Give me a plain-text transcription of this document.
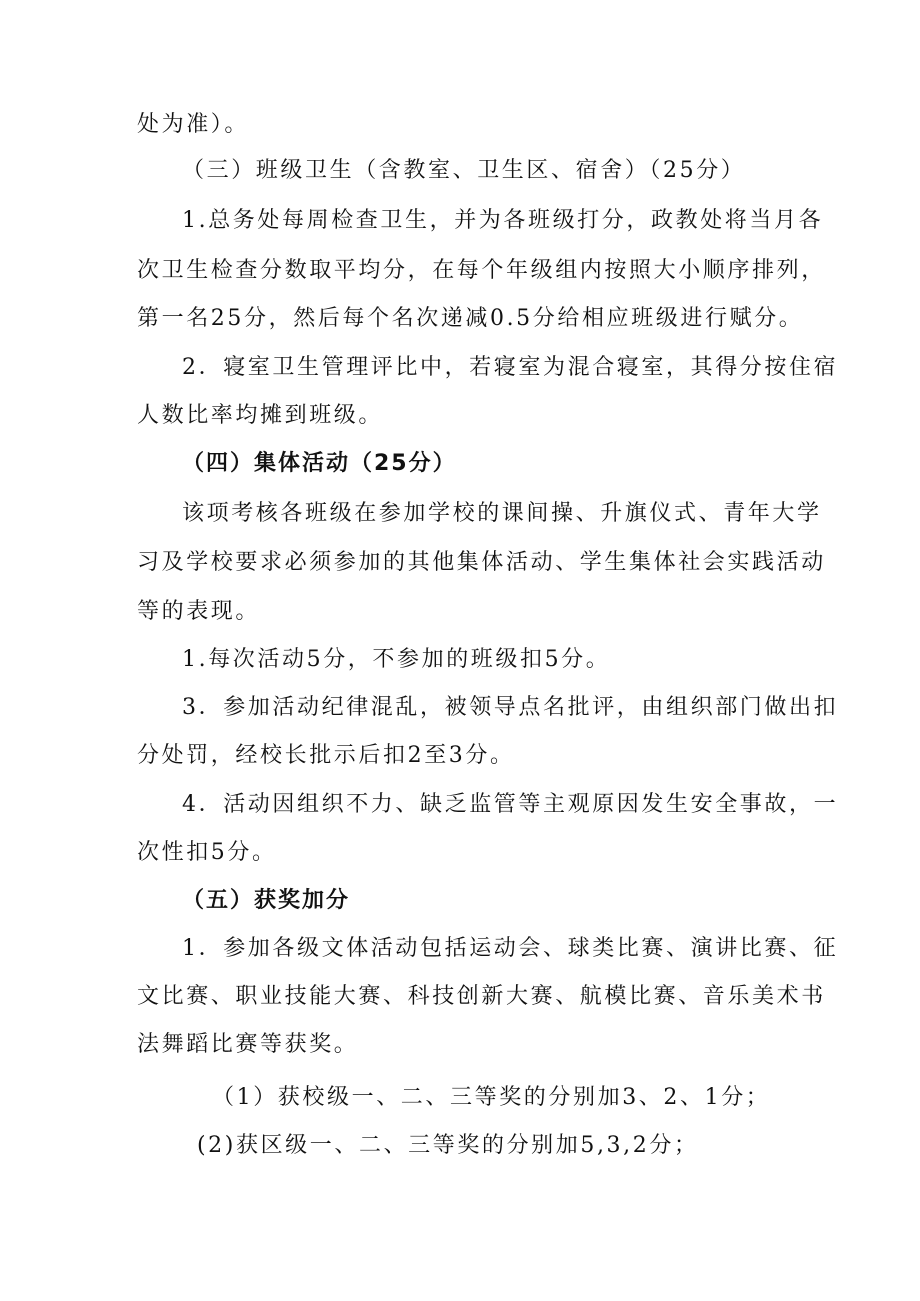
处为准）。
（三）班级卫生（含教室、卫生区、宿舍）（25分）
1.总务处每周检查卫生，并为各班级打分，政教处将当月各
次卫生检查分数取平均分，在每个年级组内按照大小顺序排列，
第一名25分，然后每个名次递减0.5分给相应班级进行赋分。
2．寝室卫生管理评比中，若寝室为混合寝室，其得分按住宿
人数比率均摊到班级。
（四）集体活动（25分）
该项考核各班级在参加学校的课间操、升旗仪式、青年大学
习及学校要求必须参加的其他集体活动、学生集体社会实践活动
等的表现。
1.每次活动5分，不参加的班级扣5分。
3．参加活动纪律混乱，被领导点名批评，由组织部门做出扣
分处罚，经校长批示后扣2至3分。
4．活动因组织不力、缺乏监管等主观原因发生安全事故，一
次性扣5分。
（五）获奖加分
1．参加各级文体活动包括运动会、球类比赛、演讲比赛、征
文比赛、职业技能大赛、科技创新大赛、航模比赛、音乐美术书
法舞蹈比赛等获奖。
（1）获校级一、二、三等奖的分别加3、2、1分；
(2)获区级一、二、三等奖的分别加5,3,2分；
